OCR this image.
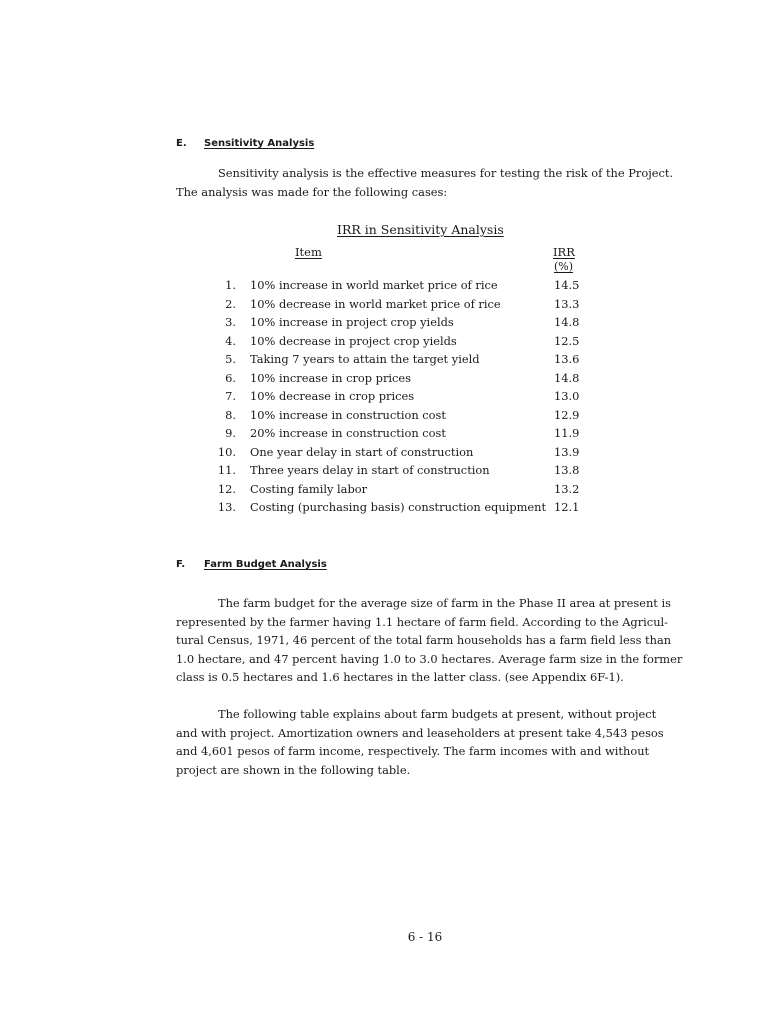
E. Sensitivity Analysis

Sensitivity analysis is the effective measures for testing the risk of the Project.
The analysis was made for the following cases:

IRR in Sensitivity Analysis
Item	IRR
(%)
1. 10% increase in world market price of rice	14.5
2. 10% decrease in world market price of rice	13.3
3. 10% increase in project crop yields	14.8
4. 10% decrease in project crop yields	12.5
5. Taking 7 years to attain the target yield	13.6
6. 10% increase in crop prices	14.8
7. 10% decrease in crop prices	13.0
8. 10% increase in construction cost	12.9
9. 20% increase in construction cost	11.9
10. One year delay in start of construction	13.9
11. Three years delay in start of construction	13.8
12. Costing family labor	13.2
13. Costing (purchasing basis) construction equipment 12.1
F. Farm Budget Analysis

The farm budget for the average size of farm in the Phase II area at present is
represented by the farmer having 1.1 hectare of farm field. According to the Agricul-
tural Census, 1971, 46 percent of the total farm households has a farm field less than
1.0 hectare, and 47 percent having 1.0 to 3.0 hectares. Average farm size in the former
class is 0.5 hectares and 1.6 hectares in the latter class. (see Appendix 6F-1).

The following table explains about farm budgets at present, without project
and with project. Amortization owners and leaseholders at present take 4,543 pesos
and 4,601 pesos of farm income, respectively. The farm incomes with and without
project are shown in the following table.

6 - 16
